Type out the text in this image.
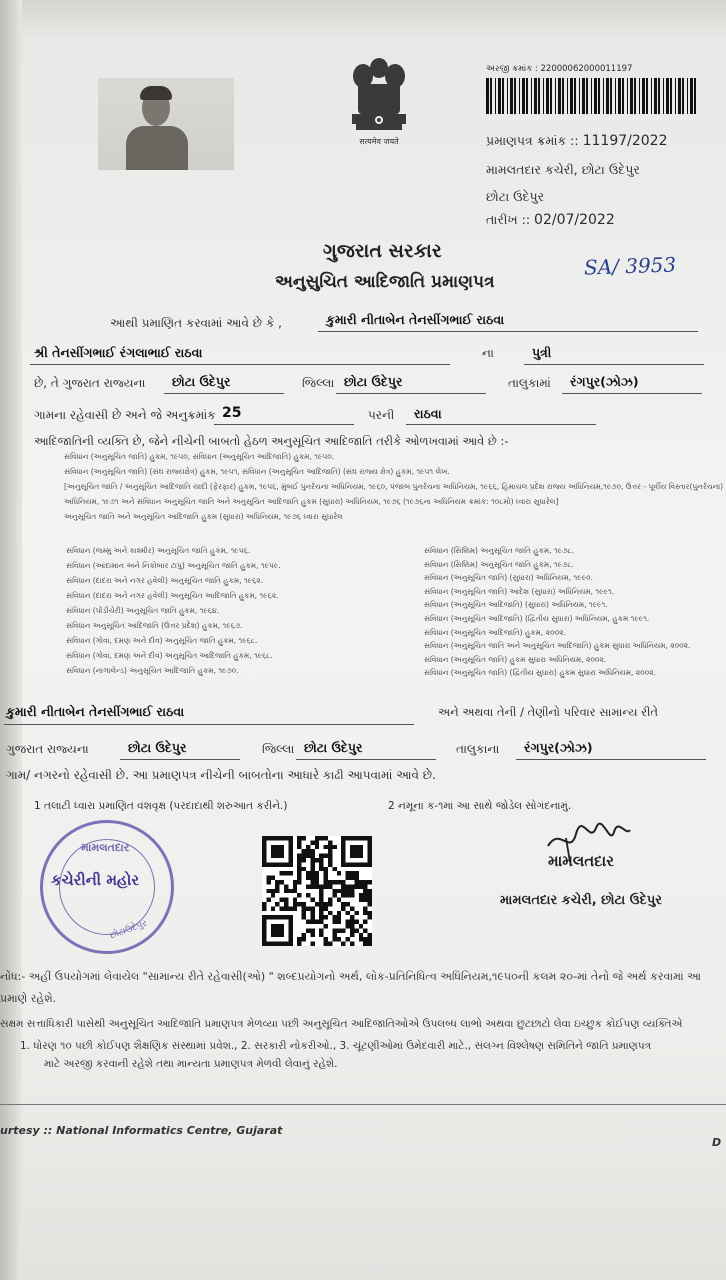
सत्यमेव जयते
અરજી ક્રમાંક : 22000062000011197
પ્રમાણપત્ર ક્રમાંક :: 11197/2022
મામલતદાર કચેરી, છોટા ઉદેપુર
છોટા ઉદેપુર
તારીખ :: 02/07/2022
SA/ 3953
ગુજરાત સરકાર
અનુસુચિત આદિજાતિ પ્રમાણપત્ર
આથી પ્રમાણિત કરવામાં આવે છે કે ,	કુમારી નીતાબેન તેનસીંગભાઈ રાઠવા
શ્રી તેનસીંગભાઈ રંગલાભાઈ રાઠવા	ના	પુત્રી
છે, તે ગુજરાત રાજ્યના છોટા ઉદેપુર	જિલ્લા છોટા ઉદેપુર	તાલુકામાં રંગપુર(ઝોઝ)
ગામના રહેવાસી છે અને જે અનુક્રમાંક 25	પરની રાઠવા
આદિજાતિની વ્યક્તિ છે, જેને નીચેની બાબતો હેઠળ અનુસૂચિત આદિજાતિ તરીકે ઓળખવામાં આવે છે :-
સંવિધાન (અનુસૂચિત જાતિ) હુકમ, ૧૯૫૦, સંવિધાન (અનુસૂચિત આદિજાતિ) હુકમ, ૧૯૫૦.
સંવિધાન (અનુસૂચિત જાતિ) (સંઘ રાજ્યક્ષેત્ર) હુકમ, ૧૯૫૧, સંવિધાન (અનુસૂચિત આદિજાતિ) (સંઘ રાજ્ય ક્ષેત્ર) હુકમ, ૧૯૫૧ લેખ.
[અનુસૂચિત જાતિ / અનુસૂચિત આદિજાતિ યાદી (ફેરફાર) હુકમ, ૧૯૫૬, મુંબઈ પુનર્રચના અધિનિયમ, ૧૯૬૦, પંજાબ પુનર્રચના અધિનિયમ, ૧૯૬૬, હિમાચલ પ્રદેશ રાજ્ય અધિનિયમ,૧૯૭૦, ઉત્તર - પૂર્વીય વિસ્તાર(પુનર્રચના)
અધિનિયમ, ૧૯૭૧ અને સંવિધાન અનુસૂચિત જાતિ અને અનુસૂચિત આદિજાતિ હુકમ (સુધારા) અધિનિયમ, ૧૯૭૬ (૧૯૭૬ના અધિનિયમ ક્રમાંક: ૧૦૮મો) ધ્વારા સુધારેલ]
અનુસૂચિત જાતિ અને અનુસૂચિત આદિજાતિ હુકમ (સુધારા) અધિનિયમ, ૧૯૭૬ ધ્વારા સુધારેલ
સંવિધાન (જમ્મુ અને કાશ્મીર) અનુસૂચિત જાતિ હુકમ, ૧૯૫૬.
સંવિધાન (આંદામાન અને નિકોબાર ટાપુ) અનુસૂચિત જાતિ હુકમ, ૧૯૫૯.
સંવિધાન (દાદરા અને નગર હવેલી) અનુસૂચિત જાતિ હુકમ, ૧૯૬૨.
સંવિધાન (દાદરા અને નગર હવેલી) અનુસૂચિત આદિજાતિ હુકમ, ૧૯૬૨.
સંવિધાન (પોંડીચેરી) અનુસૂચિત જાતિ હુકમ, ૧૯૬૪.
સંવિધાન અનુસૂચિત આદિજાતિ (ઉત્તર પ્રદેશ) હુકમ, ૧૯૬૭.
સંવિધાન (ગોવા, દમણ અને દીવ) અનુસૂચિત જાતિ હુકમ, ૧૯૬૮.
સંવિધાન (ગોવા, દમણ અને દીવ) અનુસૂચિત આદિજાતિ હુકમ, ૧૯૬૮.
સંવિધાન (નાગાલેન્ડ) અનુસૂચિત આદિજાતિ હુકમ, ૧૯૭૦.
સંવિધાન (સિક્કિમ) અનુસૂચિત જાતિ હુકમ, ૧૯૭૮.
સંવિધાન (સિક્કિમ) અનુસૂચિત જાતિ હુકમ, ૧૯૭૮.
સંવિધાન (અનુસૂચિત જાતિ) (સુધારા) અધિનિયમ, ૧૯૯૦.
સંવિધાન (અનુસૂચિત જાતિ) આદેશ (સુધારા) અધિનિયમ, ૧૯૯૧.
સંવિધાન (અનુસૂચિત આદિજાતિ) (સુધારા) અધિનિયમ, ૧૯૯૧.
સંવિધાન (અનુસૂચિત આદિજાતિ) (દ્વિતીય સુધારા) અધિનિયમ, હુકમ ૧૯૯૧.
સંવિધાન (અનુસૂચિત આદિજાતિ) હુકમ, ૨૦૦૨.
સંવિધાન (અનુસૂચિત જાતિ અને અનુસૂચિત આદિજાતિ) હુકમ સુધારા અધિનિયમ, ૨૦૦૨.
સંવિધાન (અનુસૂચિત જાતિ) હુકમ સુધારા અધિનિયમ, ૨૦૦૨.
સંવિધાન (અનુસૂચિત જાતિ) (દ્વિતીય સુધારા) હુકમ સુધારા અધિનિયમ, ૨૦૦૨.
કુમારી નીતાબેન તેનસીંગભાઈ રાઠવા	અને અથવા તેની / તેણીનો પરિવાર સામાન્ય રીતે
ગુજરાત રાજ્યના	છોટા ઉદેપુર	જિલ્લા છોટા ઉદેપુર	તાલુકાના રંગપુર(ઝોઝ)
ગામ/ નગરનો રહેવાસી છે. આ પ્રમાણપત્ર નીચેની બાબતોના આધારે કાઢી આપવામાં આવે છે.
1 તલાટી ધ્વારા પ્રમાણિત વંશવૃક્ષ (પરદાદાથી શરુઆત કરીને.)	2 નમૂના ક-૧માં આ સાથે જોડેલ સોગંદનામું.
મામલતદાર
કચેરીની મહોર
છોટાઉદેપુર
મામલતદાર
મામલતદાર કચેરી, છોટા ઉદેપુર
નોંધ:- અહીં ઉપયોગમાં લેવાયેલ "સામાન્ય રીતે રહેવાસી(ઓ) " શબ્દપ્રયોગનો અર્થ, લોક-પ્રતિનિધિત્વ અધિનિયમ,૧૯૫૦ની કલમ ૨૦-માં તેનો જે અર્થ કરવામાં આ
પ્રમાણે રહેશે.
સક્ષમ સત્તાધિકારી પાસેથી અનુસૂચિત આદિજાતિ પ્રમાણપત્ર મેળવ્યા પછી અનુસૂચિત આદિજાતિઓએ ઉપલબ્ધ લાભો અથવા છુટછાટો લેવા ઇચ્છુક કોઈપણ વ્યક્તિએ
1. ધોરણ ૧૦ પછી કોઈપણ શૈક્ષણિક સંસ્થામાં પ્રવેશ., 2. સરકારી નોકરીઓ., 3. ચૂંટણીઓમાં ઉમેદવારી માટે., સંલગ્ન વિશ્લેષણ સમિતિને જાતિ પ્રમાણપત્ર
માટે અરજી કરવાની રહેશે તથા માન્યતા પ્રમાણપત્ર મેળવી લેવાનું રહેશે.
urtesy :: National Informatics Centre, Gujarat
D
